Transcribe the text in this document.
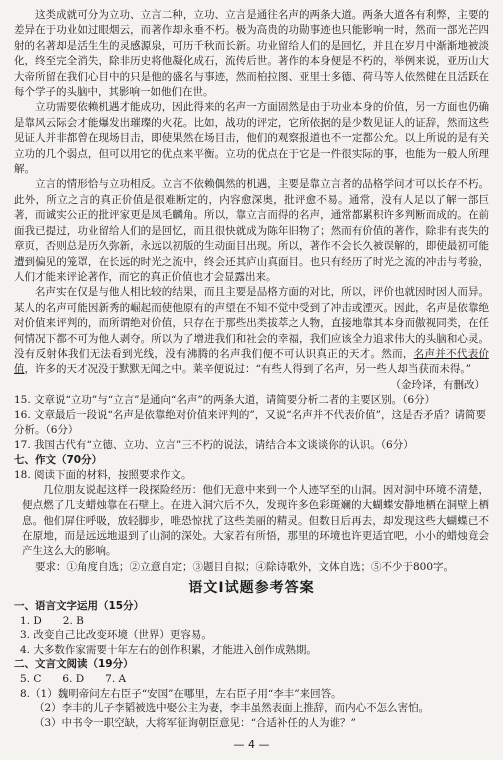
这类成就可分为立功、立言二种，立功、立言是通往名声的两条大道。两条大道各有利弊，主要的差异在于功业如过眼烟云，而著作却永垂不朽。极为高贵的功勋事迹也只能影响一时，然而一部光芒四射的名著却是活生生的灵感源泉，可历千秋而长新。功业留给人们的是回忆，并且在岁月中渐渐地被淡化，终至完全消失，除非历史将他凝化成石，流传后世。著作的本身便是不朽的，举例来说，亚历山大大帝所留在我们心目中的只是他的盛名与事迹，然而柏拉图、亚里士多德、荷马等人依然健在且活跃在每个学子的头脑中，其影响一如他们在世。

立功需要依赖机遇才能成功，因此得来的名声一方面固然是由于功业本身的价值，另一方面也仍确是靠风云际会才能爆发出璀璨的火花。比如，战功的评定，它所依据的是少数见证人的证辞，然而这些见证人并非都曾在现场目击，即使果然在场目击，他们的观察报道也不一定都公允。以上所说的是有关立功的几个弱点，但可以用它的优点来平衡。立功的优点在于它是一件很实际的事，也能为一般人所理解。

立言的情形恰与立功相反。立言不依赖偶然的机遇，主要是靠立言者的品格学问才可以长存不朽。此外，所立之言的真正价值是很难断定的，内容愈深奥，批评愈不易。通常，没有人足以了解一部巨著，而诚实公正的批评家更是凤毛麟角。所以，靠立言而得的名声，通常都累积许多判断而成的。在前面我已提过，功业留给人们的是回忆，而且很快就成为陈年旧物了；然而有价值的著作，除非有丧失的章页，否则总是历久弥新，永远以初版的生动面目出现。所以，著作不会长久被误解的，即使最初可能遭到偏见的笼罩，在长远的时光之流中，终会还其庐山真面目。也只有经历了时光之流的冲击与考验，人们才能来评论著作，而它的真正价值也才会显露出来。

名声实在仅是与他人相比较的结果，而且主要是品格方面的对比，所以，评价也就因时因人而异。某人的名声可能因新秀的崛起而使他原有的声望在不知不觉中受到了冲击或湮灭。因此，名声是依靠绝对价值来评判的，而所谓绝对价值，只存在于那些出类拔萃之人物，直接地靠其本身而傲视同类，在任何情况下都不可为他人剥夺。所以为了增进我们和社会的幸福，我们应该全力追求伟大的头脑和心灵。没有反射体我们无法看到光线，没有沸腾的名声我们便不可认识真正的天才。然而，名声并不代表价值，许多的天才况没于默默无闻之中。莱辛便说过：“有些人得到了名声，另一些人却当获而未得。”

（金玲译，有删改）

15. 文章说“立功”与“立言”是通向“名声”的两条大道，请简要分析二者的主要区别。（6分）

16. 文章最后一段说“名声是依靠绝对价值来评判的”，又说“名声并不代表价值”，这是否矛盾？请简要分析。（6分）

17. 我国古代有“立德、立功、立言”三不朽的说法，请结合本文谈谈你的认识。（6分）

七、作文（70分）

18. 阅读下面的材料，按照要求作文。

几位朋友说起这样一段探险经历：他们无意中来到一个人迹罕至的山洞。因对洞中环境不清楚，便点燃了几支蜡烛靠在石壁上。在进入洞穴后不久，发现许多色彩斑斓的大蝴蝶安静地栖在洞壁上栖息。他们屏住呼吸，放轻脚步，唯恐惊扰了这些美丽的精灵。但数日后再去，却发现这些大蝴蝶已不在原地，而是远远地退到了山洞的深处。大家若有所悟，那里的环境也许更适宜吧，小小的蜡烛竟会产生这么大的影响。

要求：①角度自选；②立意自定；③题目自拟；④除诗歌外，文体自选；⑤不少于800字。

语文Ⅰ试题参考答案

一、语言文字运用（15分）

1. D　　2. B

3. 改变自己比改变环境（世界）更容易。

4. 大多数作家需要十年左右的创作积累，才能进入创作成熟期。

二、文言文阅读（19分）

5. C　　6. D　　7. A

8.（1）魏明帝问左右臣子“安国”在哪里，左右臣子用“李丰”来回答。

（2）李丰的儿子李韬被选中娶公主为妻，李丰虽然表面上推辞，而内心不怎么害怕。

（3）中书令一职空缺，大将军征询朝臣意见：“合适补任的人为谁？”

— 4 —
